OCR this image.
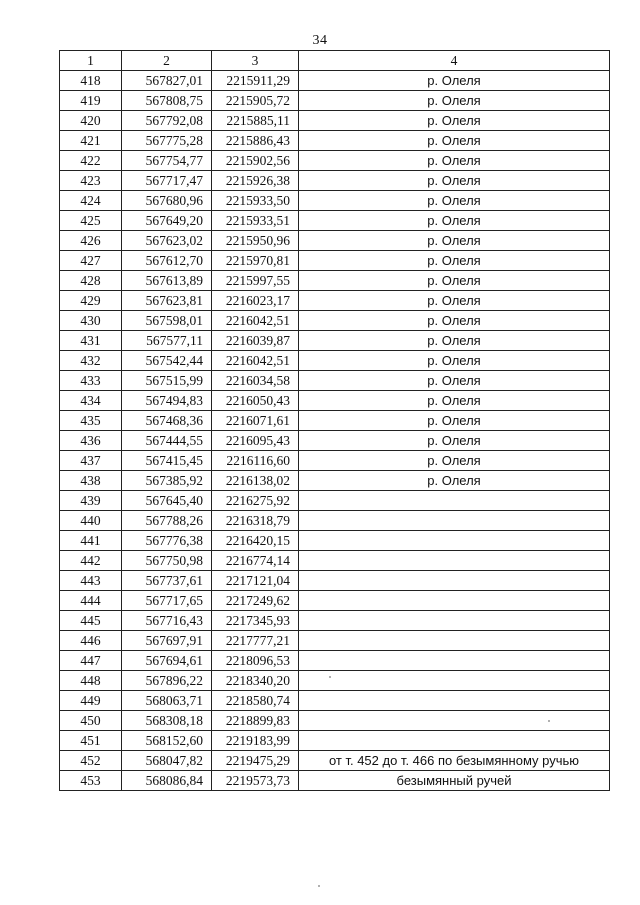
34
1	2	3	4
418	567827,01	2215911,29	р. Олеля
419	567808,75	2215905,72	р. Олеля
420	567792,08	2215885,11	р. Олеля
421	567775,28	2215886,43	р. Олеля
422	567754,77	2215902,56	р. Олеля
423	567717,47	2215926,38	р. Олеля
424	567680,96	2215933,50	р. Олеля
425	567649,20	2215933,51	р. Олеля
426	567623,02	2215950,96	р. Олеля
427	567612,70	2215970,81	р. Олеля
428	567613,89	2215997,55	р. Олеля
429	567623,81	2216023,17	р. Олеля
430	567598,01	2216042,51	р. Олеля
431	567577,11	2216039,87	р. Олеля
432	567542,44	2216042,51	р. Олеля
433	567515,99	2216034,58	р. Олеля
434	567494,83	2216050,43	р. Олеля
435	567468,36	2216071,61	р. Олеля
436	567444,55	2216095,43	р. Олеля
437	567415,45	2216116,60	р. Олеля
438	567385,92	2216138,02	р. Олеля
439	567645,40	2216275,92	
440	567788,26	2216318,79	
441	567776,38	2216420,15	
442	567750,98	2216774,14	
443	567737,61	2217121,04	
444	567717,65	2217249,62	
445	567716,43	2217345,93	
446	567697,91	2217777,21	
447	567694,61	2218096,53	
448	567896,22	2218340,20	
449	568063,71	2218580,74	
450	568308,18	2218899,83	
451	568152,60	2219183,99	
452	568047,82	2219475,29	от т. 452 до т. 466 по безымянному ручью
453	568086,84	2219573,73	безымянный ручей
